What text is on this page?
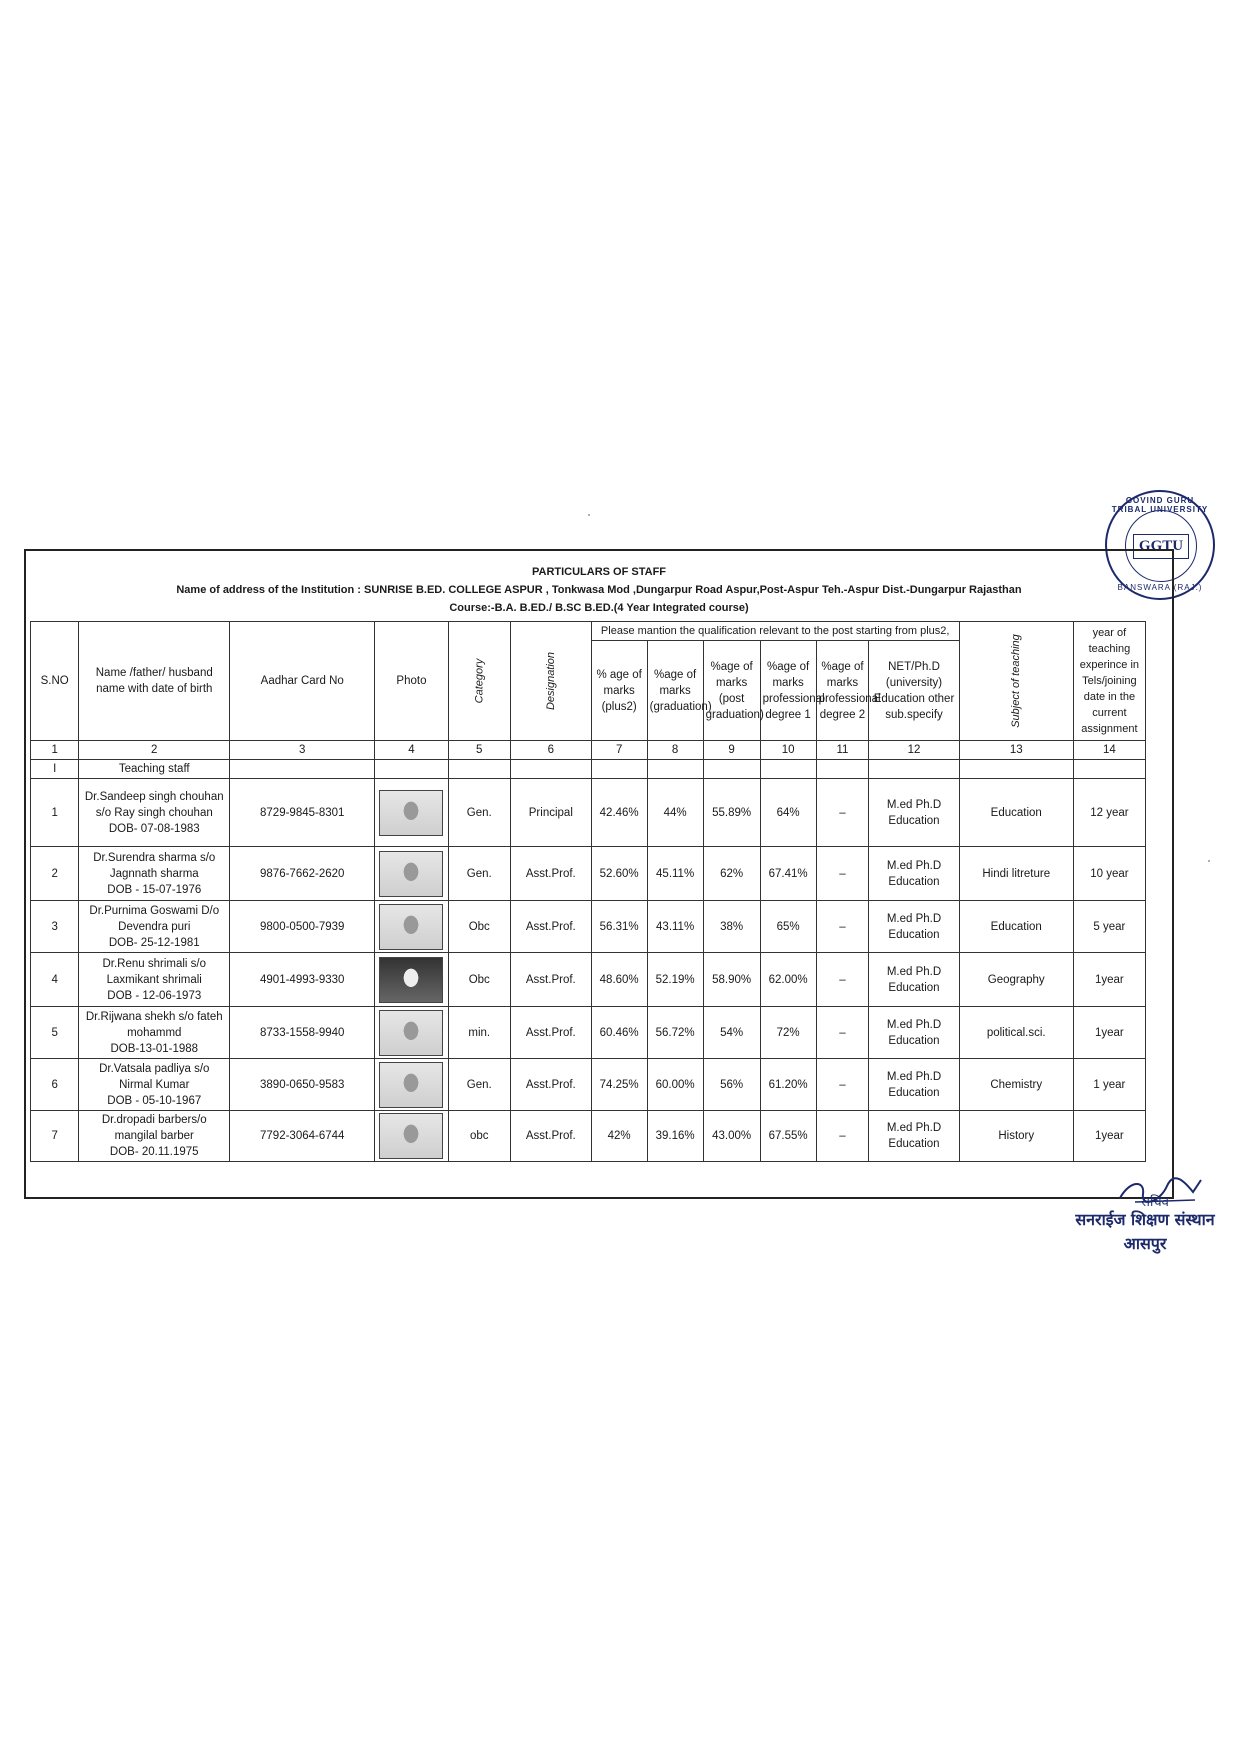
GOVIND GURU TRIBAL UNIVERSITY
GGTU
BANSWARA (RAJ.)
PARTICULARS OF STAFF
Name of address of the Institution : SUNRISE B.ED. COLLEGE ASPUR , Tonkwasa Mod ,Dungarpur Road Aspur,Post-Aspur Teh.-Aspur Dist.-Dungarpur Rajasthan
Course:-B.A. B.ED./ B.SC B.ED.(4 Year Integrated course)
S.NO	Name /father/ husband name with date of birth	Aadhar Card No	Photo	Category	Designation	Please mantion the qualification relevant to the post starting from plus2,						Subject of teaching	year of teaching experince in Tels/joining date in the current assignment
						% age of marks (plus2)	%age of marks (graduation)	%age of marks (post graduation)	%age of marks professional degree 1	%age of marks professional degree 2	NET/Ph.D (university) Education other sub.specify		
1	2	3	4	5	6	7	8	9	10	11	12	13	14
I	Teaching staff												
1	Dr.Sandeep singh chouhan s/o Ray singh chouhan
DOB- 07-08-1983	8729-9845-8301		Gen.	Principal	42.46%	44%	55.89%	64%	–	M.ed Ph.D Education	Education	12 year
2	Dr.Surendra sharma s/o Jagnnath sharma
DOB - 15-07-1976	9876-7662-2620		Gen.	Asst.Prof.	52.60%	45.11%	62%	67.41%	–	M.ed Ph.D Education	Hindi litreture	10 year
3	Dr.Purnima Goswami D/o Devendra puri
DOB- 25-12-1981	9800-0500-7939		Obc	Asst.Prof.	56.31%	43.11%	38%	65%	–	M.ed Ph.D Education	Education	5 year
4	Dr.Renu shrimali s/o Laxmikant shrimali
DOB - 12-06-1973	4901-4993-9330		Obc	Asst.Prof.	48.60%	52.19%	58.90%	62.00%	–	M.ed Ph.D Education	Geography	1year
5	Dr.Rijwana shekh s/o fateh mohammd
DOB-13-01-1988	8733-1558-9940		min.	Asst.Prof.	60.46%	56.72%	54%	72%	–	M.ed Ph.D Education	political.sci.	1year
6	Dr.Vatsala padliya s/o Nirmal Kumar
DOB - 05-10-1967	3890-0650-9583		Gen.	Asst.Prof.	74.25%	60.00%	56%	61.20%	–	M.ed Ph.D Education	Chemistry	1 year
7	Dr.dropadi barbers/o mangilal barber
DOB- 20.11.1975	7792-3064-6744		obc	Asst.Prof.	42%	39.16%	43.00%	67.55%	–	M.ed Ph.D Education	History	1year
सचिव
सनराईज शिक्षण संस्थान
आसपुर
